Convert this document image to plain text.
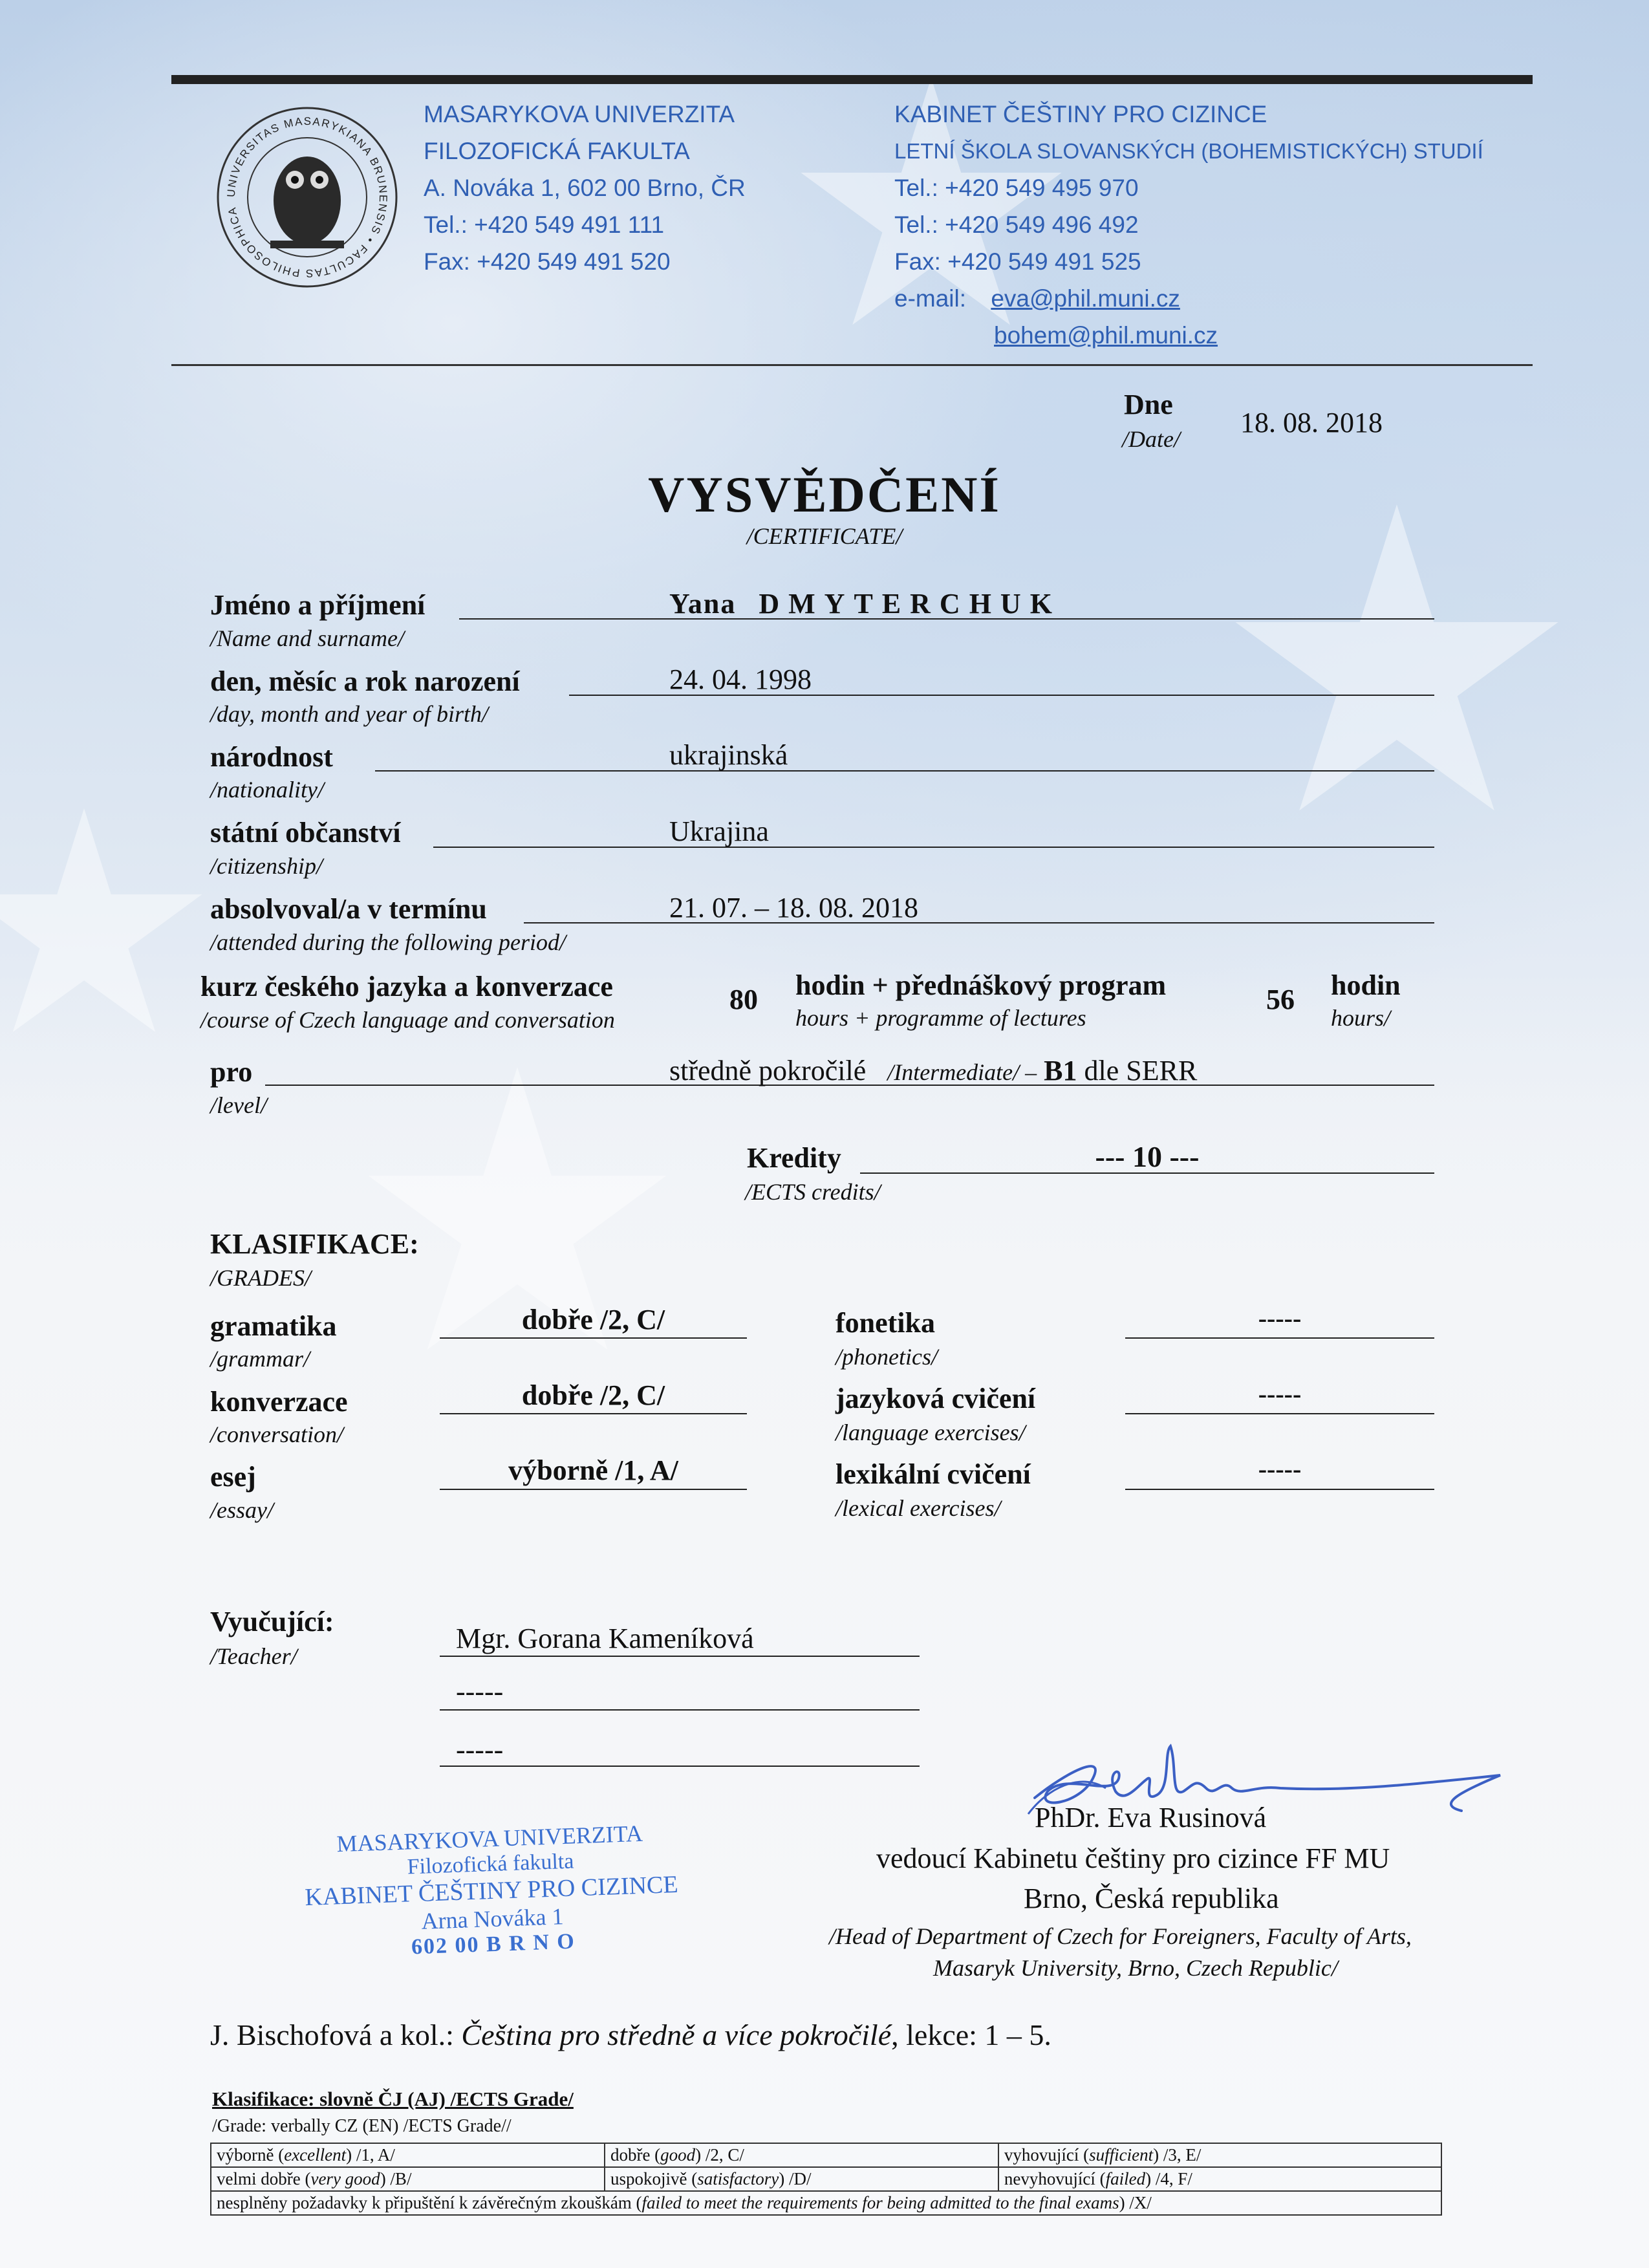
UNIVERSITAS MASARYKIANA BRUNENSIS • FACULTAS PHILOSOPHICA
MASARYKOVA UNIVERZITA
FILOZOFICKÁ FAKULTA
A. Nováka 1, 602 00 Brno, ČR
Tel.: +420 549 491 111
Fax: +420 549 491 520
KABINET ČEŠTINY PRO CIZINCE
LETNÍ ŠKOLA SLOVANSKÝCH (BOHEMISTICKÝCH) STUDIÍ
Tel.: +420 549 495 970
Tel.: +420 549 496 492
Fax: +420 549 491 525
e-mail: eva@phil.muni.cz
bohem@phil.muni.cz
Dne
/Date/
18. 08. 2018
VYSVĚDČENÍ
/CERTIFICATE/
Jméno a příjmení
/Name and surname/
Yana DMYTERCHUK
den, měsíc a rok narození
/day, month and year of birth/
24. 04. 1998
národnost
/nationality/
ukrajinská
státní občanství
/citizenship/
Ukrajina
absolvoval/a v termínu
/attended during the following period/
21. 07. – 18. 08. 2018
kurz českého jazyka a konverzace
/course of Czech language and conversation
80 hodin + přednáškový program
hours + programme of lectures
56 hodin
hours/
pro
/level/
středně pokročilé /Intermediate/ – B1 dle SERR
Kredity
/ECTS credits/
--- 10 ---
KLASIFIKACE:
/GRADES/
gramatika
/grammar/
dobře /2, C/
konverzace
/conversation/
dobře /2, C/
esej
/essay/
výborně /1, A/
fonetika
/phonetics/
-----
jazyková cvičení
/language exercises/
-----
lexikální cvičení
/lexical exercises/
-----
Vyučující:
/Teacher/
Mgr. Gorana Kameníková
-----
-----
PhDr. Eva Rusinová
vedoucí Kabinetu češtiny pro cizince FF MU
Brno, Česká republika
/Head of Department of Czech for Foreigners, Faculty of Arts,
Masaryk University, Brno, Czech Republic/
MASARYKOVA UNIVERZITA
Filozofická fakulta
KABINET ČEŠTINY PRO CIZINCE
Arna Nováka 1
602 00 B R N O
J. Bischofová a kol.: Čeština pro středně a více pokročilé, lekce: 1 – 5.
Klasifikace: slovně ČJ (AJ) /ECTS Grade/
/Grade: verbally CZ (EN) /ECTS Grade//
výborně (excellent) /1, A/	dobře (good) /2, C/	vyhovující (sufficient) /3, E/
velmi dobře (very good) /B/	uspokojivě (satisfactory) /D/	nevyhovující (failed) /4, F/
nesplněny požadavky k připuštění k závěrečným zkouškám (failed to meet the requirements for being admitted to the final exams) /X/		
